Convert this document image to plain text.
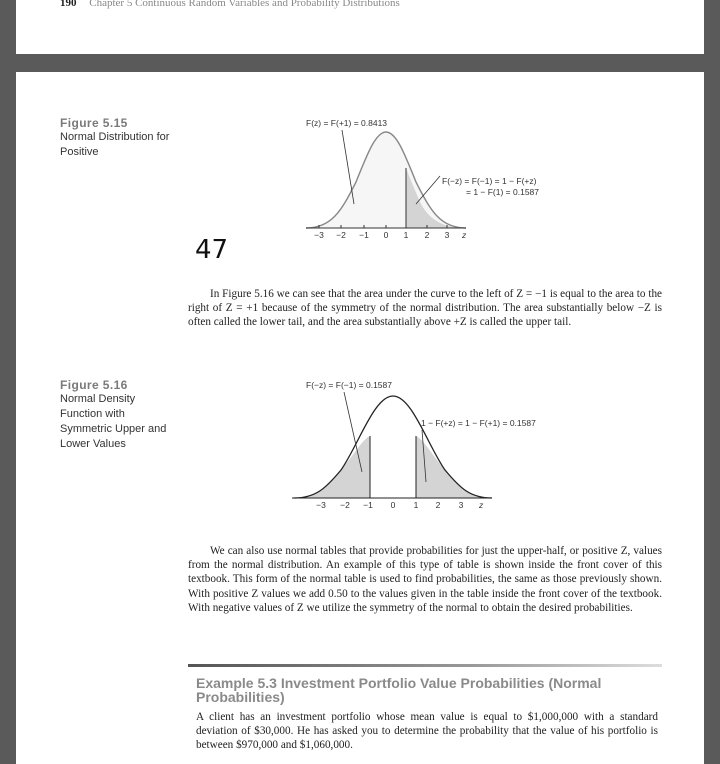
190 Chapter 5 Continuous Random Variables and Probability Distributions
Figure 5.15
Normal Distribution for Positive
−3 −2 −1 0 1 2 3 z
F(z) = F(+1) = 0.8413
F(−z) = F(−1) = 1 − F(+z)
= 1 − F(1) = 0.1587
47

In Figure 5.16 we can see that the area under the curve to the left of Z = −1 is equal to the area to the right of Z = +1 because of the symmetry of the normal distribution. The area substantially below −Z is often called the lower tail, and the area substantially above +Z is called the upper tail.

Figure 5.16
Normal Density Function with Symmetric Upper and Lower Values
−3 −2 −1 0 1 2 3 z
F(−z) = F(−1) = 0.1587
1 − F(+z) = 1 − F(+1) = 0.1587

We can also use normal tables that provide probabilities for just the upper-half, or positive Z, values from the normal distribution. An example of this type of table is shown inside the front cover of this textbook. This form of the normal table is used to find probabilities, the same as those previously shown. With positive Z values we add 0.50 to the values given in the table inside the front cover of the textbook. With negative values of Z we utilize the symmetry of the normal to obtain the desired probabilities.

Example 5.3 Investment Portfolio Value Probabilities (Normal Probabilities)
A client has an investment portfolio whose mean value is equal to $1,000,000 with a standard deviation of $30,000. He has asked you to determine the probability that the value of his portfolio is between $970,000 and $1,060,000.
